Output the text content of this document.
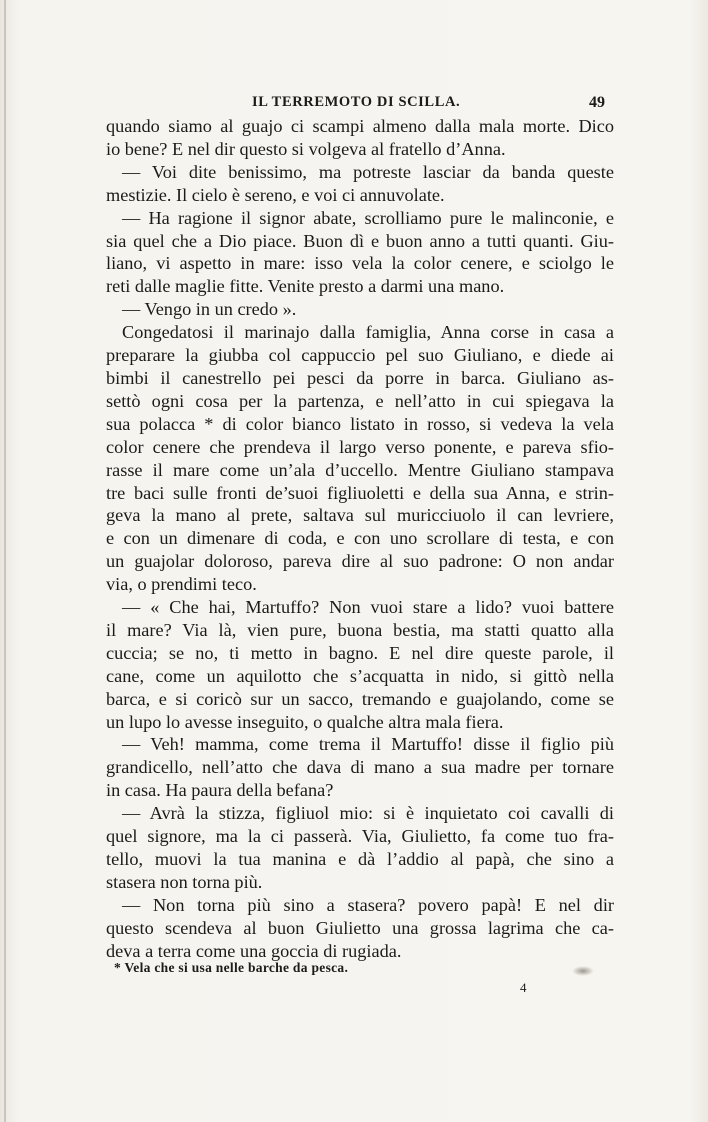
IL TERREMOTO DI SCILLA.	49
quando siamo al guajo ci scampi almeno dalla mala morte. Dico
io bene? E nel dir questo si volgeva al fratello d’Anna.
— Voi dite benissimo, ma potreste lasciar da banda queste
mestizie. Il cielo è sereno, e voi ci annuvolate.
— Ha ragione il signor abate, scrolliamo pure le malinconie, e
sia quel che a Dio piace. Buon dì e buon anno a tutti quanti. Giu-
liano, vi aspetto in mare: isso vela la color cenere, e sciolgo le
reti dalle maglie fitte. Venite presto a darmi una mano.
— Vengo in un credo ».
Congedatosi il marinajo dalla famiglia, Anna corse in casa a
preparare la giubba col cappuccio pel suo Giuliano, e diede ai
bimbi il canestrello pei pesci da porre in barca. Giuliano as-
settò ogni cosa per la partenza, e nell’atto in cui spiegava la
sua polacca * di color bianco listato in rosso, si vedeva la vela
color cenere che prendeva il largo verso ponente, e pareva sfio-
rasse il mare come un’ala d’uccello. Mentre Giuliano stampava
tre baci sulle fronti de’suoi figliuoletti e della sua Anna, e strin-
geva la mano al prete, saltava sul muricciuolo il can levriere,
e con un dimenare di coda, e con uno scrollare di testa, e con
un guajolar doloroso, pareva dire al suo padrone: O non andar
via, o prendimi teco.
— « Che hai, Martuffo? Non vuoi stare a lido? vuoi battere
il mare? Via là, vien pure, buona bestia, ma statti quatto alla
cuccia; se no, ti metto in bagno. E nel dire queste parole, il
cane, come un aquilotto che s’acquatta in nido, si gittò nella
barca, e si coricò sur un sacco, tremando e guajolando, come se
un lupo lo avesse inseguito, o qualche altra mala fiera.
— Veh! mamma, come trema il Martuffo! disse il figlio più
grandicello, nell’atto che dava di mano a sua madre per tornare
in casa. Ha paura della befana?
— Avrà la stizza, figliuol mio: si è inquietato coi cavalli di
quel signore, ma la ci passerà. Via, Giulietto, fa come tuo fra-
tello, muovi la tua manina e dà l’addio al papà, che sino a
stasera non torna più.
— Non torna più sino a stasera? povero papà! E nel dir
questo scendeva al buon Giulietto una grossa lagrima che ca-
deva a terra come una goccia di rugiada.
* Vela che si usa nelle barche da pesca.
4
